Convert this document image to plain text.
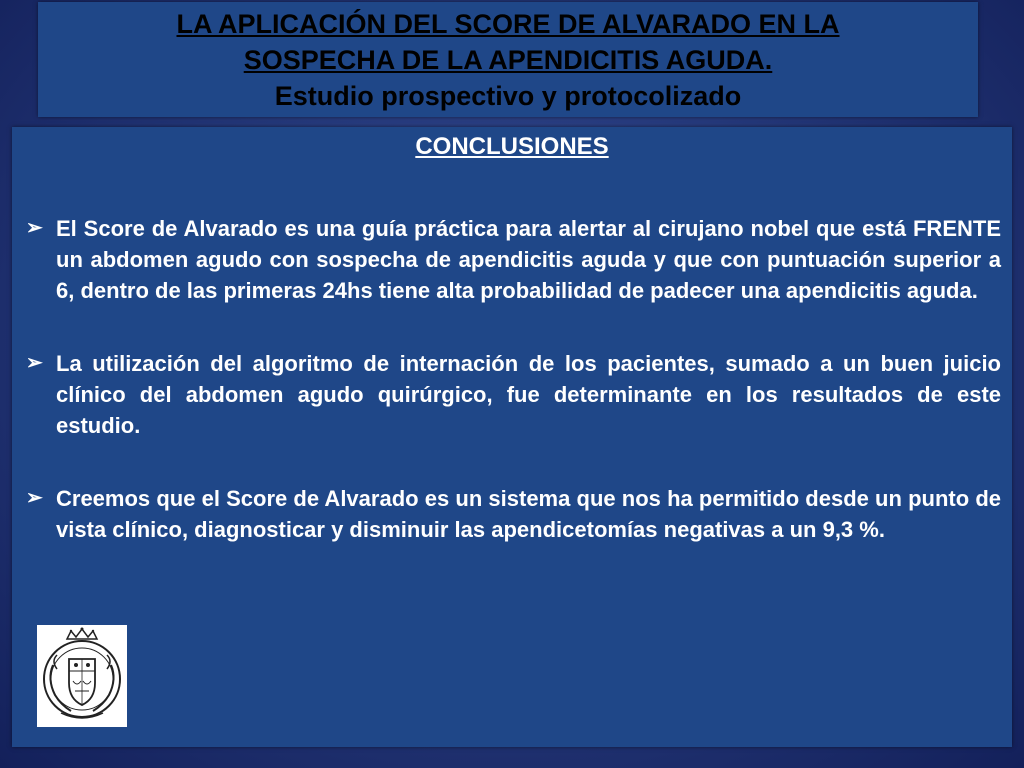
LA APLICACIÓN DEL SCORE DE ALVARADO EN LA
SOSPECHA DE LA APENDICITIS AGUDA.
Estudio prospectivo y protocolizado
CONCLUSIONES
➢ El Score de Alvarado es una guía práctica para alertar al cirujano nobel que está FRENTE un abdomen agudo con sospecha de apendicitis aguda y que con puntuación superior a 6, dentro de las primeras 24hs tiene alta probabilidad de padecer una apendicitis aguda.
➢ La utilización del algoritmo de internación de los pacientes, sumado a un buen juicio clínico del abdomen agudo quirúrgico, fue determinante en los resultados de este estudio.
➢ Creemos que el Score de Alvarado es un sistema que nos ha permitido desde un punto de vista clínico, diagnosticar y disminuir las apendicetomías negativas a un 9,3 %.
